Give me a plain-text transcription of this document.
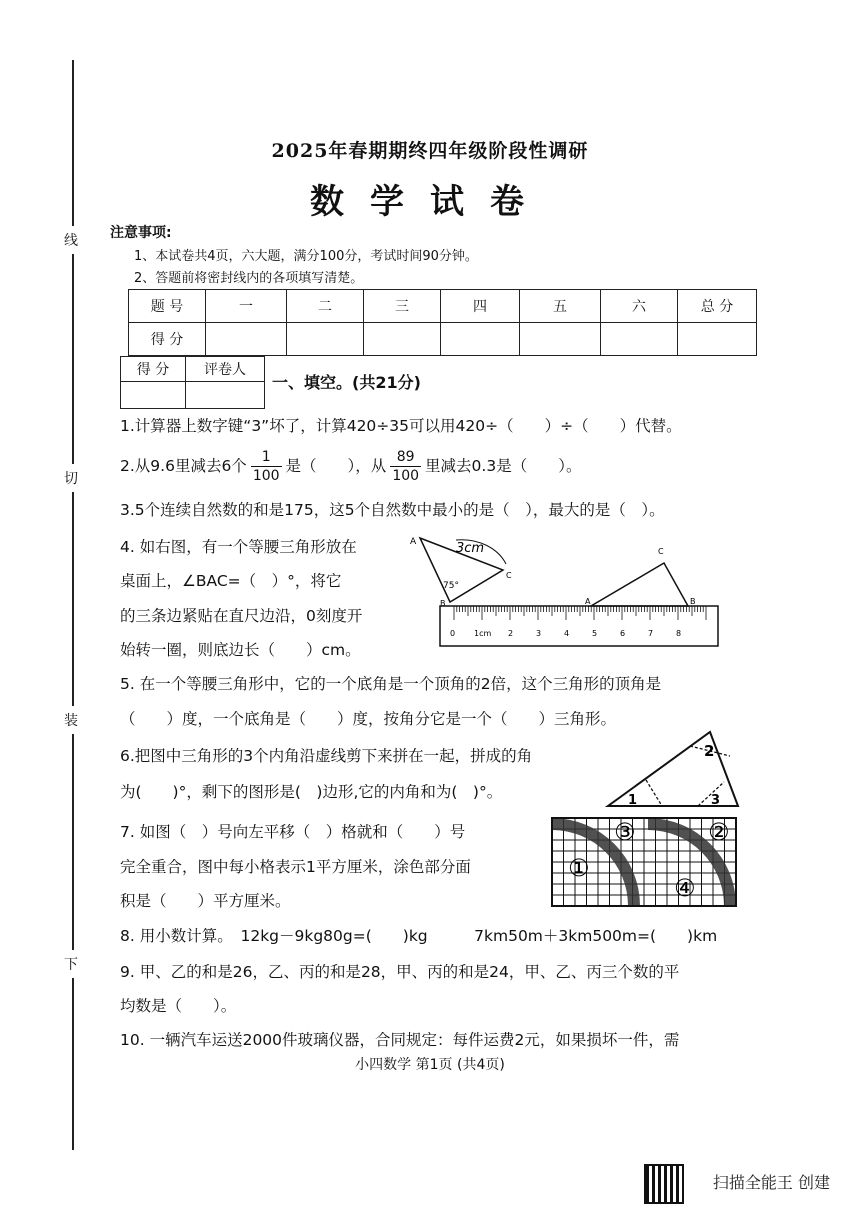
线
切
装
下
2025年春期期终四年级阶段性调研
数学试卷
注意事项:
1、本试卷共4页，六大题，满分100分，考试时间90分钟。
2、答题前将密封线内的各项填写清楚。
题 号	一	二	三	四	五	六	总 分
得 分							
得 分	评卷人

一、填空。(共21分)
1.计算器上数字键“3”坏了，计算420÷35可以用420÷（　　）÷（　　）代替。
2.从9.6里减去6个 $\frac{1}{100}$ 是（　　），从 $\frac{89}{100}$ 里减去0.3是（　　）。
3.5个连续自然数的和是175，这5个自然数中最小的是（　），最大的是（　）。
4. 如右图，有一个等腰三角形放在
桌面上，∠BAC=（　）°，将它
的三条边紧贴在直尺边沿，0刻度开
始转一圈，则底边长（　　）cm。
3cm
75°
A
C
B
C
A	B
0 1cm 2	3	4	5	6	7	8
5. 在一个等腰三角形中，它的一个底角是一个顶角的2倍，这个三角形的顶角是
（　　）度，一个底角是（　　）度，按角分它是一个（　　）三角形。
6.把图中三角形的3个内角沿虚线剪下来拼在一起，拼成的角
为(　　)°，剩下的图形是(　)边形,它的内角和为(　)°。	1
2
3
7. 如图（　）号向左平移（　）格就和（　　）号
完全重合，图中每小格表示1平方厘米，涂色部分面
积是（　　）平方厘米。
①
②
③
④
8. 用小数计算。　12kg－9kg80g=(　　)kg　　　7km50m＋3km500m=(　　)km
9. 甲、乙的和是26，乙、丙的和是28，甲、丙的和是24，甲、乙、丙三个数的平
均数是（　　）。
10. 一辆汽车运送2000件玻璃仪器，合同规定：每件运费2元，如果损坏一件，需
小四数学 第1页 (共4页)
扫描全能王 创建
